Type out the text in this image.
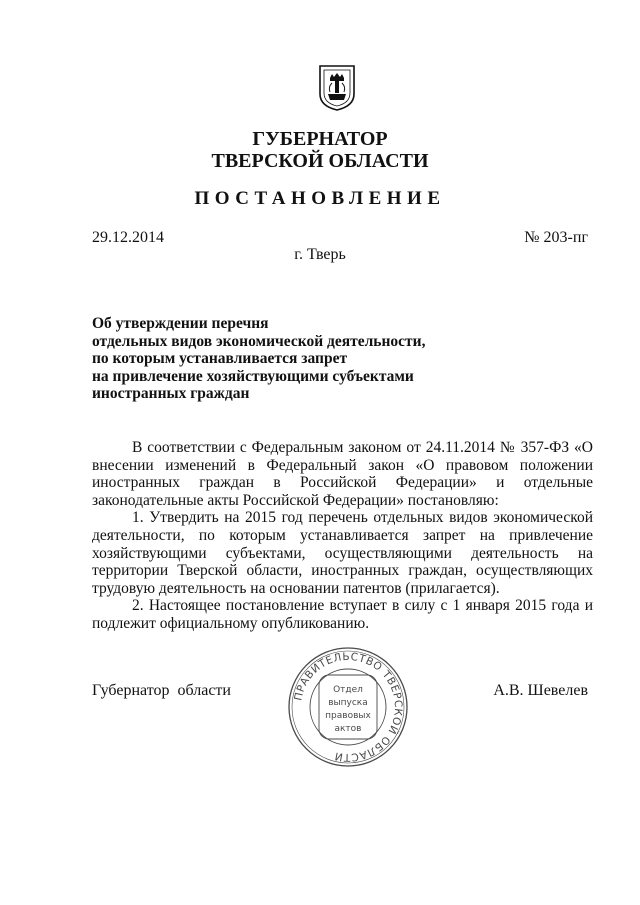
ГУБЕРНАТОР
ТВЕРСКОЙ ОБЛАСТИ
ПОСТАНОВЛЕНИЕ
29.12.2014	№ 203-пг
г. Тверь
Об утверждении перечня
отдельных видов экономической деятельности,
по которым устанавливается запрет
на привлечение хозяйствующими субъектами
иностранных граждан
В соответствии с Федеральным законом от 24.11.2014 № 357-ФЗ «О внесении изменений в Федеральный закон «О правовом положении иностранных граждан в Российской Федерации» и отдельные законодательные акты Российской Федерации» постановляю:
1. Утвердить на 2015 год перечень отдельных видов экономической деятельности, по которым устанавливается запрет на привлечение хозяйствующими субъектами, осуществляющими деятельность на территории Тверской области, иностранных граждан, осуществляющих трудовую деятельность на основании патентов (прилагается).
2. Настоящее постановление вступает в силу с 1 января 2015 года и подлежит официальному опубликованию.
Губернатор  области	А.В. Шевелев
ПРАВИТЕЛЬСТВО ТВЕРСКОЙ ОБЛАСТИ
Отдел
выпуска
правовых
актов
